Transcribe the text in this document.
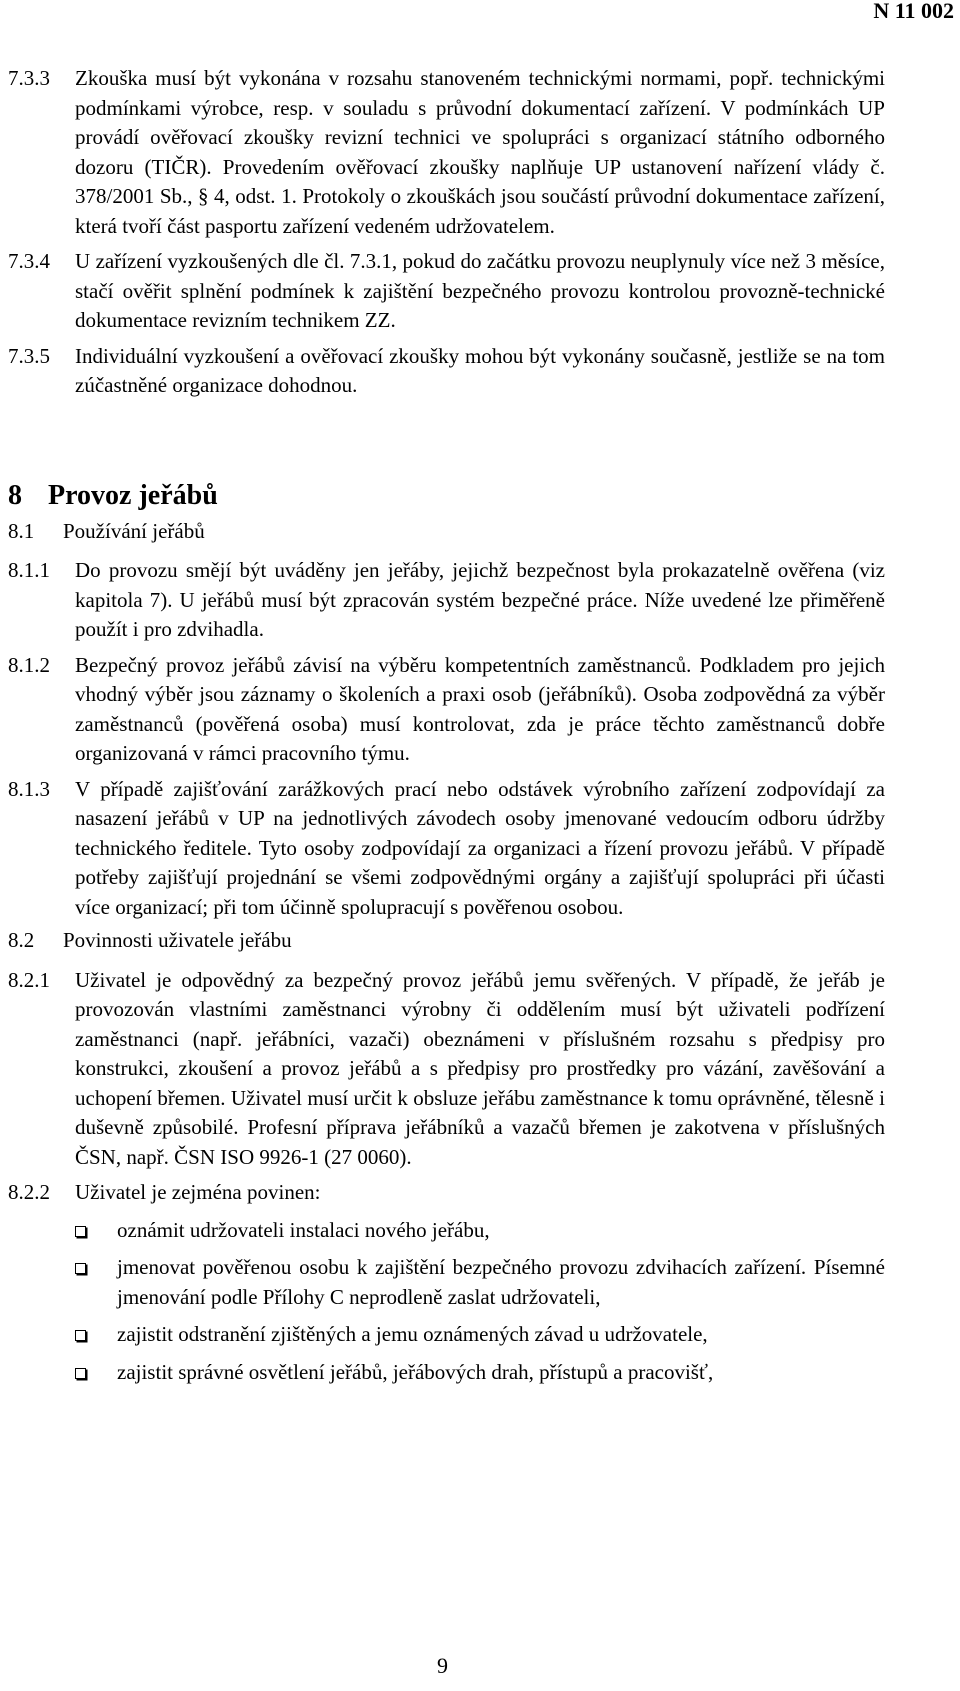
N 11 002
7.3.3	Zkouška musí být vykonána v rozsahu stanoveném technickými normami, popř. technickými podmínkami výrobce, resp. v souladu s průvodní dokumentací zařízení. V podmínkách UP provádí ověřovací zkoušky revizní technici ve spolupráci s organizací státního odborného dozoru (TIČR). Provedením ověřovací zkoušky naplňuje UP ustanovení nařízení vlády č. 378/2001 Sb., § 4, odst. 1. Protokoly o zkouškách jsou součástí průvodní dokumentace zařízení, která tvoří část pasportu zařízení vedeném udržovatelem.
7.3.4	U zařízení vyzkoušených dle čl. 7.3.1, pokud do začátku provozu neuplynuly více než 3 měsíce, stačí ověřit splnění podmínek k zajištění bezpečného provozu kontrolou provozně-technické dokumentace revizním technikem ZZ.
7.3.5	Individuální vyzkoušení a ověřovací zkoušky mohou být vykonány současně, jestliže se na tom zúčastněné organizace dohodnou.
8 Provoz jeřábů
8.1	Používání jeřábů
8.1.1	Do provozu smějí být uváděny jen jeřáby, jejichž bezpečnost byla prokazatelně ověřena (viz kapitola 7). U jeřábů musí být zpracován systém bezpečné práce. Níže uvedené lze přiměřeně použít i pro zdvihadla.
8.1.2	Bezpečný provoz jeřábů závisí na výběru kompetentních zaměstnanců. Podkladem pro jejich vhodný výběr jsou záznamy o školeních a praxi osob (jeřábníků). Osoba zodpovědná za výběr zaměstnanců (pověřená osoba) musí kontrolovat, zda je práce těchto zaměstnanců dobře organizovaná v rámci pracovního týmu.
8.1.3	V případě zajišťování zarážkových prací nebo odstávek výrobního zařízení zodpovídají za nasazení jeřábů v UP na jednotlivých závodech osoby jmenované vedoucím odboru údržby technického ředitele. Tyto osoby zodpovídají za organizaci a řízení provozu jeřábů. V případě potřeby zajišťují projednání se všemi zodpovědnými orgány a zajišťují spolupráci při účasti více organizací; při tom účinně spolupracují s pověřenou osobou.
8.2	Povinnosti uživatele jeřábu
8.2.1	Uživatel je odpovědný za bezpečný provoz jeřábů jemu svěřených. V případě, že jeřáb je provozován vlastními zaměstnanci výrobny či oddělením musí být uživateli podřízení zaměstnanci (např. jeřábníci, vazači) obeznámeni v příslušném rozsahu s předpisy pro konstrukci, zkoušení a provoz jeřábů a s předpisy pro prostředky pro vázání, zavěšování a uchopení břemen. Uživatel musí určit k obsluze jeřábu zaměstnance k tomu oprávněné, tělesně i duševně způsobilé. Profesní příprava jeřábníků a vazačů břemen je zakotvena v příslušných ČSN, např. ČSN ISO 9926-1 (27 0060).
8.2.2	Uživatel je zejména povinen:
oznámit udržovateli instalaci nového jeřábu,
jmenovat pověřenou osobu k zajištění bezpečného provozu zdvihacích zařízení. Písemné jmenování podle Přílohy C neprodleně zaslat udržovateli,
zajistit odstranění zjištěných a jemu oznámených závad u udržovatele,
zajistit správné osvětlení jeřábů, jeřábových drah, přístupů a pracovišť,
9
